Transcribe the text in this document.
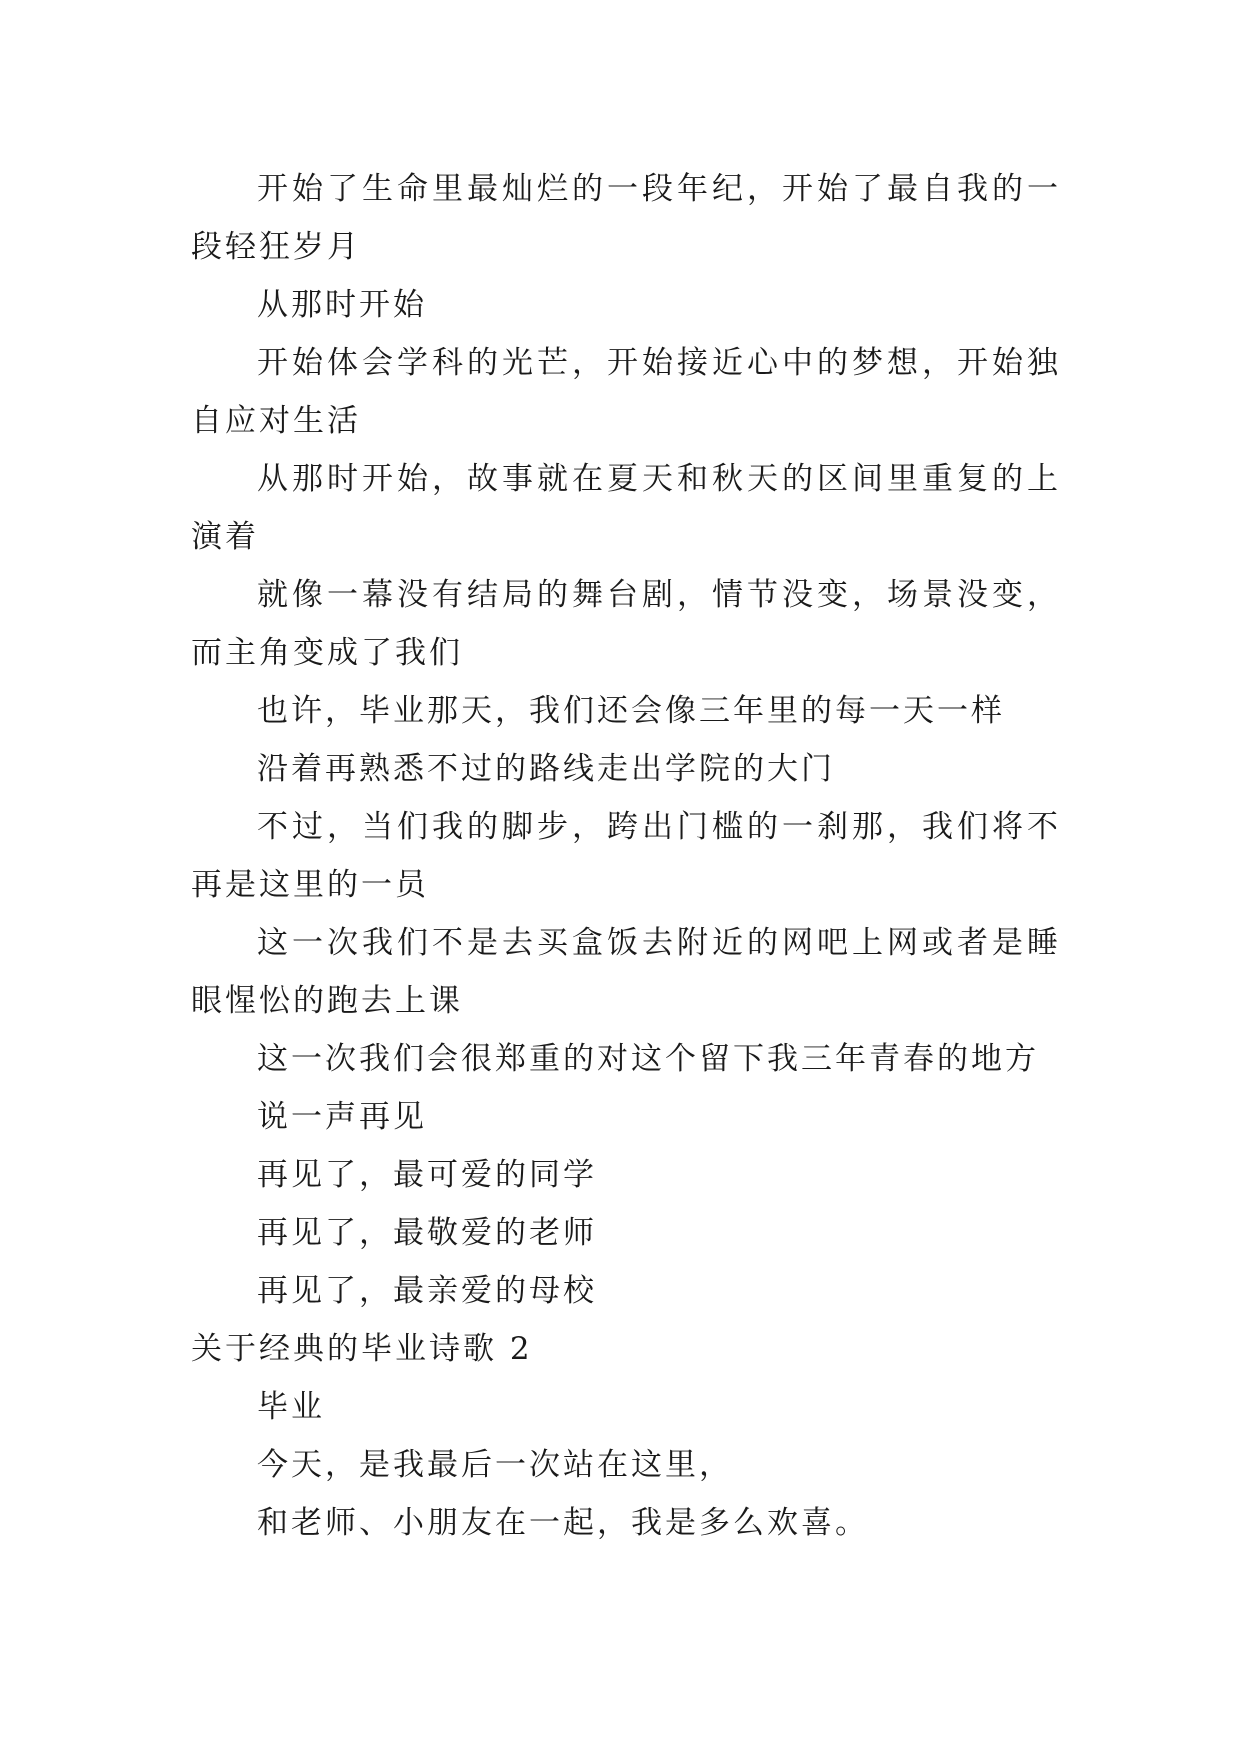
开始了生命里最灿烂的一段年纪，开始了最自我的一段轻狂岁月

从那时开始

开始体会学科的光芒，开始接近心中的梦想，开始独自应对生活

从那时开始，故事就在夏天和秋天的区间里重复的上演着

就像一幕没有结局的舞台剧，情节没变，场景没变，而主角变成了我们

也许，毕业那天，我们还会像三年里的每一天一样

沿着再熟悉不过的路线走出学院的大门

不过，当们我的脚步，跨出门槛的一刹那，我们将不再是这里的一员

这一次我们不是去买盒饭去附近的网吧上网或者是睡眼惺忪的跑去上课

这一次我们会很郑重的对这个留下我三年青春的地方

说一声再见

再见了，最可爱的同学

再见了，最敬爱的老师

再见了，最亲爱的母校

关于经典的毕业诗歌 2

毕业

今天，是我最后一次站在这里，

和老师、小朋友在一起，我是多么欢喜。
